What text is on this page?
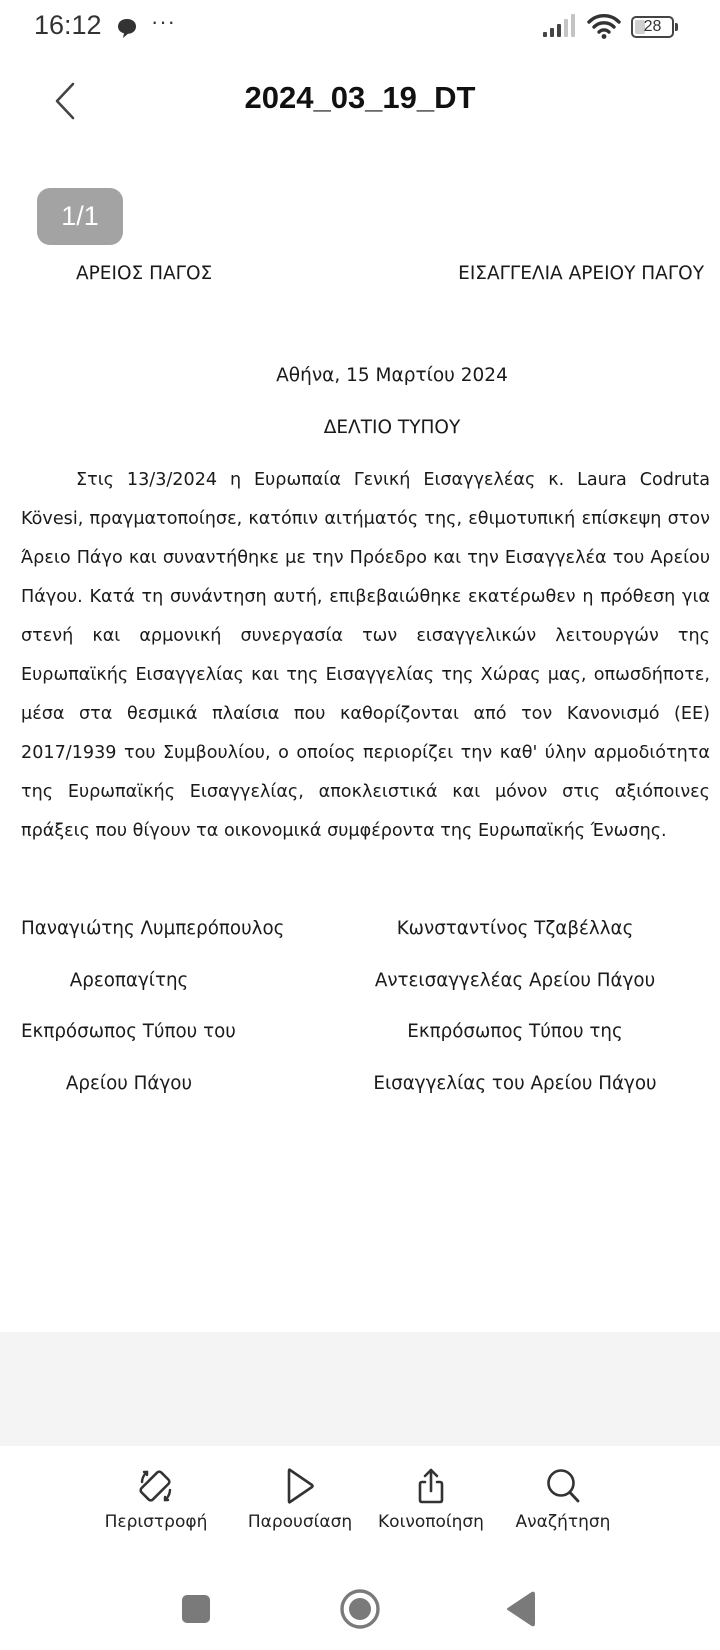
16:12 ···	28
2024_03_19_DT
1/1
ΑΡΕΙΟΣ ΠΑΓΟΣ	ΕΙΣΑΓΓΕΛΙΑ ΑΡΕΙΟΥ ΠΑΓΟΥ
Αθήνα, 15 Μαρτίου 2024
ΔΕΛΤΙΟ ΤΥΠΟΥ
Στις 13/3/2024 η Ευρωπαία Γενική Εισαγγελέας κ. Laura Codruta Kövesi, πραγματοποίησε, κατόπιν αιτήματός της, εθιμοτυπική επίσκεψη στον Άρειο Πάγο και συναντήθηκε με την Πρόεδρο και την Εισαγγελέα του Αρείου Πάγου. Κατά τη συνάντηση αυτή, επιβεβαιώθηκε εκατέρωθεν η πρόθεση για στενή και αρμονική συνεργασία των εισαγγελικών λειτουργών της Ευρωπαϊκής Εισαγγελίας και της Εισαγγελίας της Χώρας μας, οπωσδήποτε, μέσα στα θεσμικά πλαίσια που καθορίζονται από τον Κανονισμό (ΕΕ) 2017/1939 του Συμβουλίου, ο οποίος περιορίζει την καθ' ύλην αρμοδιότητα της Ευρωπαϊκής Εισαγγελίας, αποκλειστικά και μόνον στις αξιόποινες πράξεις που θίγουν τα οικονομικά συμφέροντα της Ευρωπαϊκής Ένωσης.
Παναγιώτης Λυμπερόπουλος	Κωνσταντίνος Τζαβέλλας
Αρεοπαγίτης	Αντεισαγγελέας Αρείου Πάγου
Εκπρόσωπος Τύπου του	Εκπρόσωπος Τύπου της
Αρείου Πάγου	Εισαγγελίας του Αρείου Πάγου
Περιστροφή	Παρουσίαση	Κοινοποίηση	Αναζήτηση
